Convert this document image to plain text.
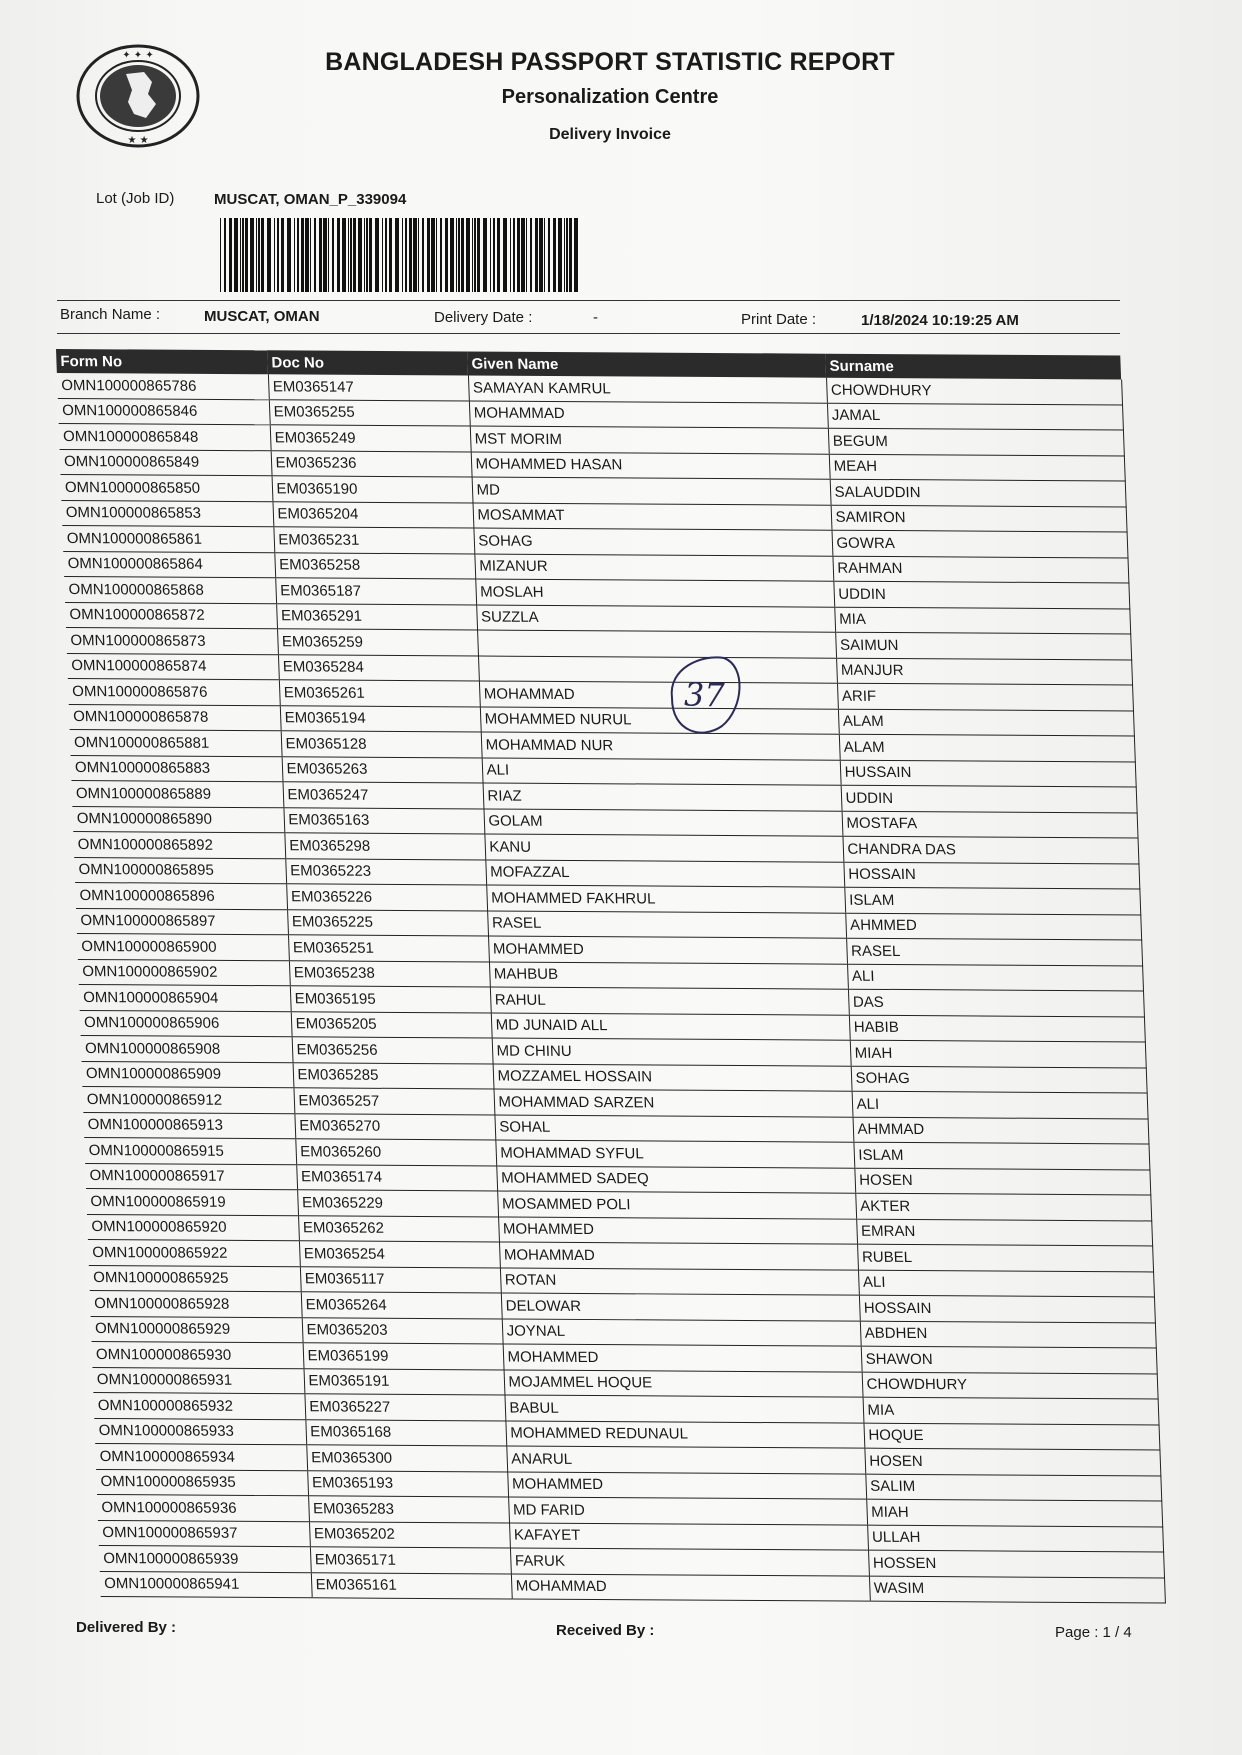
✦ ✦ ✦
★ ★
BANGLADESH PASSPORT STATISTIC REPORT
Personalization Centre
Delivery Invoice
Lot (Job ID)	MUSCAT, OMAN_P_339094
Branch Name :	MUSCAT, OMAN	Delivery Date :	-	Print Date :	1/18/2024 10:19:25 AM
Form No	Doc No	Given Name	Surname
OMN100000865786	EM0365147	SAMAYAN KAMRUL	CHOWDHURY
OMN100000865846	EM0365255	MOHAMMAD	JAMAL
OMN100000865848	EM0365249	MST MORIM	BEGUM
OMN100000865849	EM0365236	MOHAMMED HASAN	MEAH
OMN100000865850	EM0365190	MD	SALAUDDIN
OMN100000865853	EM0365204	MOSAMMAT	SAMIRON
OMN100000865861	EM0365231	SOHAG	GOWRA
OMN100000865864	EM0365258	MIZANUR	RAHMAN
OMN100000865868	EM0365187	MOSLAH	UDDIN
OMN100000865872	EM0365291	SUZZLA	MIA
OMN100000865873	EM0365259		SAIMUN
OMN100000865874	EM0365284		MANJUR
OMN100000865876	EM0365261	MOHAMMAD	ARIF
OMN100000865878	EM0365194	MOHAMMED NURUL	ALAM
OMN100000865881	EM0365128	MOHAMMAD NUR	ALAM
OMN100000865883	EM0365263	ALI	HUSSAIN
OMN100000865889	EM0365247	RIAZ	UDDIN
OMN100000865890	EM0365163	GOLAM	MOSTAFA
OMN100000865892	EM0365298	KANU	CHANDRA DAS
OMN100000865895	EM0365223	MOFAZZAL	HOSSAIN
OMN100000865896	EM0365226	MOHAMMED FAKHRUL	ISLAM
OMN100000865897	EM0365225	RASEL	AHMMED
OMN100000865900	EM0365251	MOHAMMED	RASEL
OMN100000865902	EM0365238	MAHBUB	ALI
OMN100000865904	EM0365195	RAHUL	DAS
OMN100000865906	EM0365205	MD JUNAID ALL	HABIB
OMN100000865908	EM0365256	MD CHINU	MIAH
OMN100000865909	EM0365285	MOZZAMEL HOSSAIN	SOHAG
OMN100000865912	EM0365257	MOHAMMAD SARZEN	ALI
OMN100000865913	EM0365270	SOHAL	AHMMAD
OMN100000865915	EM0365260	MOHAMMAD SYFUL	ISLAM
OMN100000865917	EM0365174	MOHAMMED SADEQ	HOSEN
OMN100000865919	EM0365229	MOSAMMED POLI	AKTER
OMN100000865920	EM0365262	MOHAMMED	EMRAN
OMN100000865922	EM0365254	MOHAMMAD	RUBEL
OMN100000865925	EM0365117	ROTAN	ALI
OMN100000865928	EM0365264	DELOWAR	HOSSAIN
OMN100000865929	EM0365203	JOYNAL	ABDHEN
OMN100000865930	EM0365199	MOHAMMED	SHAWON
OMN100000865931	EM0365191	MOJAMMEL HOQUE	CHOWDHURY
OMN100000865932	EM0365227	BABUL	MIA
OMN100000865933	EM0365168	MOHAMMED REDUNAUL	HOQUE
OMN100000865934	EM0365300	ANARUL	HOSEN
OMN100000865935	EM0365193	MOHAMMED	SALIM
OMN100000865936	EM0365283	MD FARID	MIAH
OMN100000865937	EM0365202	KAFAYET	ULLAH
OMN100000865939	EM0365171	FARUK	HOSSEN
OMN100000865941	EM0365161	MOHAMMAD	WASIM
37
Delivered By :	Received By :	Page : 1 / 4
